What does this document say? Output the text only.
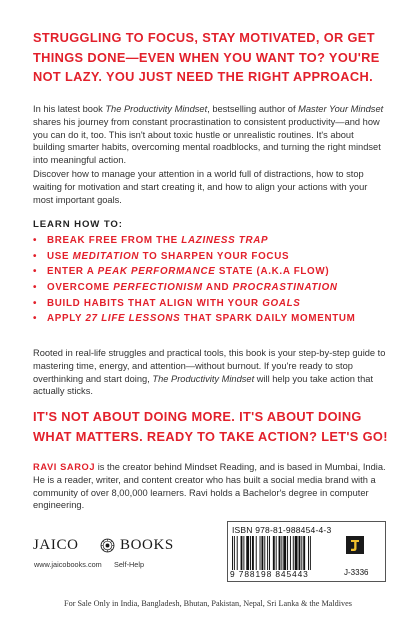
STRUGGLING TO FOCUS, STAY MOTIVATED, OR GET THINGS DONE—EVEN WHEN YOU WANT TO? YOU'RE NOT LAZY. YOU JUST NEED THE RIGHT APPROACH.

In his latest book The Productivity Mindset, bestselling author of Master Your Mindset shares his journey from constant procrastination to consistent productivity—and how you can do it, too. This isn't about toxic hustle or unrealistic routines. It's about building smarter habits, overcoming mental roadblocks, and turning the right mindset into meaningful action.

Discover how to manage your attention in a world full of distractions, how to stop waiting for motivation and start creating it, and how to align your actions with your most important goals.

LEARN HOW TO:

• BREAK FREE FROM THE LAZINESS TRAP
• USE MEDITATION TO SHARPEN YOUR FOCUS
• ENTER A PEAK PERFORMANCE STATE (A.K.A FLOW)
• OVERCOME PERFECTIONISM AND PROCRASTINATION
• BUILD HABITS THAT ALIGN WITH YOUR GOALS
• APPLY 27 LIFE LESSONS THAT SPARK DAILY MOMENTUM

Rooted in real-life struggles and practical tools, this book is your step-by-step guide to mastering time, energy, and attention—without burnout. If you're ready to stop overthinking and start doing, The Productivity Mindset will help you take action that actually sticks.

IT'S NOT ABOUT DOING MORE. IT'S ABOUT DOING WHAT MATTERS. READY TO TAKE ACTION? LET'S GO!

RAVI SAROJ is the creator behind Mindset Reading, and is based in Mumbai, India. He is a reader, writer, and content creator who has built a social media brand with a community of over 8,00,000 learners. Ravi holds a Bachelor's degree in computer engineering.

JAICO	BOOKS
www.jaicobooks.com Self-Help
ISBN 978-81-988454-4-3
9 788198 845443	J-3336

For Sale Only in India, Bangladesh, Bhutan, Pakistan, Nepal, Sri Lanka & the Maldives
